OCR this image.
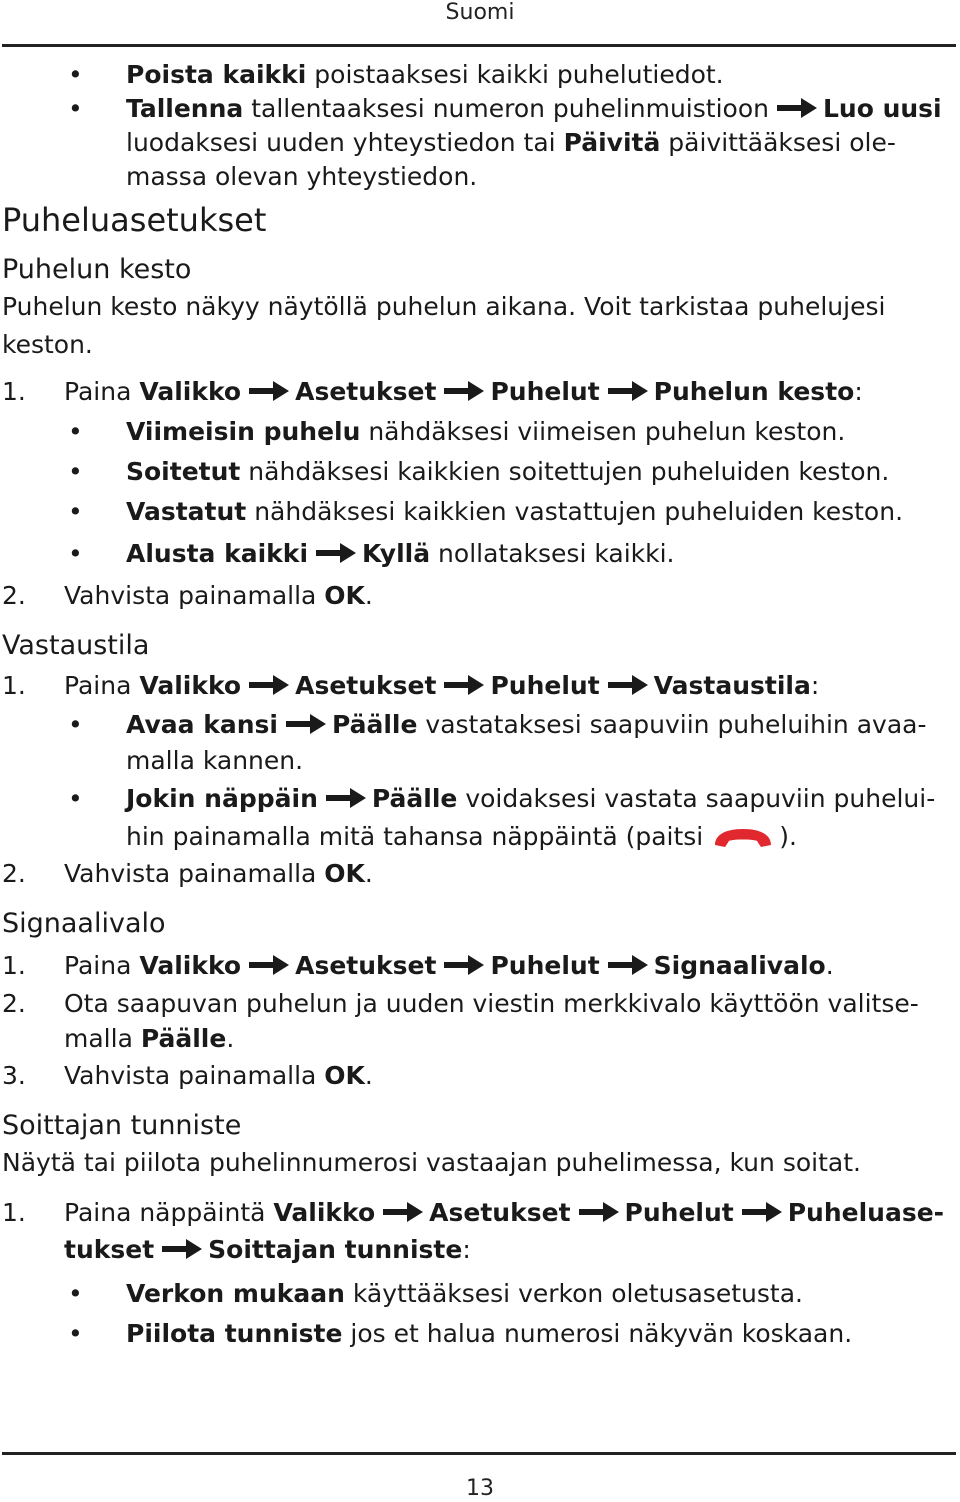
Suomi
• Poista kaikki poistaaksesi kaikki puhelutiedot.
• Tallenna tallentaaksesi numeron puhelinmuistioon Luo uusi
luodaksesi uuden yhteystiedon tai Päivitä päivittääksesi ole-
massa olevan yhteystiedon.
Puheluasetukset
Puhelun kesto
Puhelun kesto näkyy näytöllä puhelun aikana. Voit tarkistaa puhelujesi
keston.
1.	Paina Valikko Asetukset Puhelut Puhelun kesto:
• Viimeisin puhelu nähdäksesi viimeisen puhelun keston.
• Soitetut nähdäksesi kaikkien soitettujen puheluiden keston.
• Vastatut nähdäksesi kaikkien vastattujen puheluiden keston.
• Alusta kaikki Kyllä nollataksesi kaikki.
2.	Vahvista painamalla OK.
Vastaustila
1.	Paina Valikko Asetukset Puhelut Vastaustila:
• Avaa kansi Päälle vastataksesi saapuviin puheluihin avaa-
malla kannen.
• Jokin näppäin Päälle voidaksesi vastata saapuviin puhelui-
hin painamalla mitä tahansa näppäintä (paitsi	).
2.	Vahvista painamalla OK.
Signaalivalo
1.	Paina Valikko Asetukset Puhelut Signaalivalo.
2.	Ota saapuvan puhelun ja uuden viestin merkkivalo käyttöön valitse-
malla Päälle.
3.	Vahvista painamalla OK.
Soittajan tunniste
Näytä tai piilota puhelinnumerosi vastaajan puhelimessa, kun soitat.
1.	Paina näppäintä Valikko Asetukset Puhelut Puheluase-
tukset Soittajan tunniste:
• Verkon mukaan käyttääksesi verkon oletusasetusta.
• Piilota tunniste jos et halua numerosi näkyvän koskaan.
13
